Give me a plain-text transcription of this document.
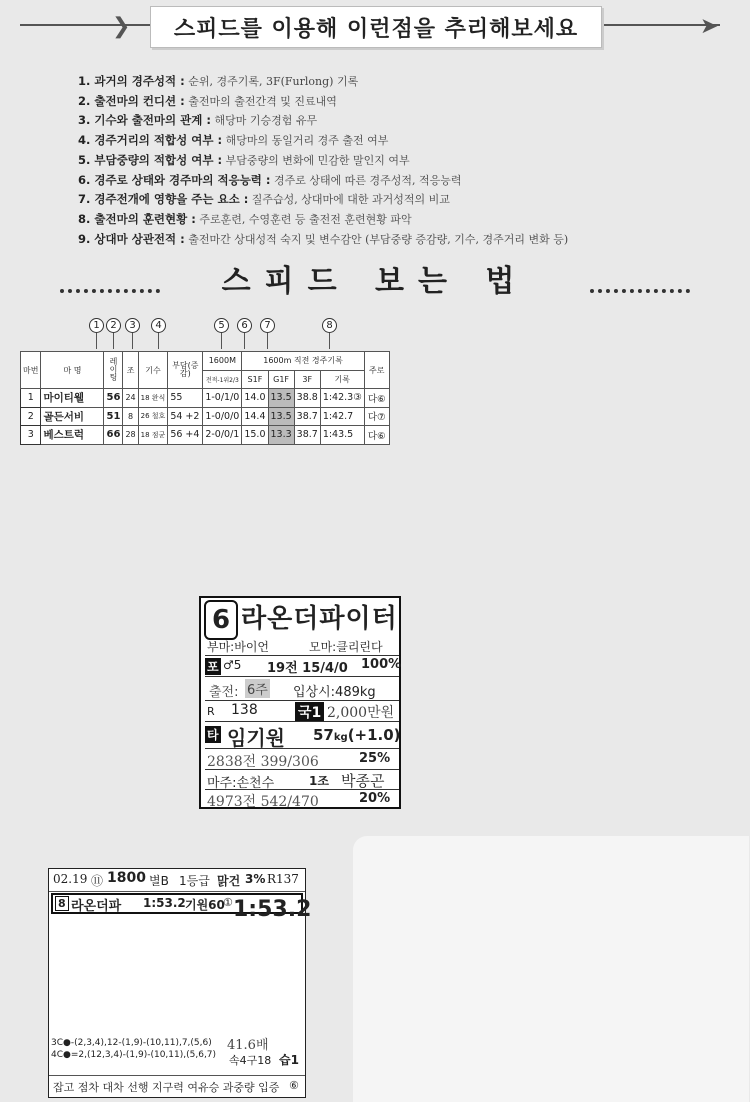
❯	➤
스피드를 이용해 이런점을 추리해보세요
1. 과거의 경주성적 : 순위, 경주기록, 3F(Furlong) 기록
2. 출전마의 컨디션 : 출전마의 출전간격 및 진료내역
3. 기수와 출전마의 관계 : 해당마 기승경험 유무
4. 경주거리의 적합성 여부 : 해당마의 동일거리 경주 출전 여부
5. 부담중량의 적합성 여부 : 부담중량의 변화에 민감한 말인지 여부
6. 경주로 상태와 경주마의 적응능력 : 경주로 상태에 따른 경주성적, 적응능력
7. 경주전개에 영향을 주는 요소 : 질주습성, 상대마에 대한 과거성적의 비교
8. 출전마의 훈련현황 : 주로훈련, 수영훈련 등 출전전 훈련현황 파악
9. 상대마 상관전적 : 출전마간 상대성적 숙지 및 변수감안 (부담중량 증감량, 기수, 경주거리 변화 등)
스피드 보는 법
1	2	3	4	5	6	7	8
마번	마 명	레이팅	조	기수	부담(증감)	1600M	1600m 직전 경주기록				주로
						전적-1위2/3	S1F	G1F	3F	기록	
1	마이티웰	56	24	18 완식	55	1-0/1/0	14.0	13.5	38.8	1:42.3③	다⑥
2	골든서비	51	8	26 철호	54 +2	1-0/0/0	14.4	13.5	38.7	1:42.7	다⑦
3	베스트럭	66	28	18 점균	56 +4	2-0/0/1	15.0	13.3	38.7	1:43.5	다⑥
6 라온더파이터
부마:바이언	모마:클리린다
포 ♂5 19전 15/4/0 100%
출전: 6주 입상시:489kg
R 138	국1 2,000만원
타 임기원 57kg(+1.0)
2838전 399/306	25%
마주:손천수	1조 박종곤
4973전 542/470	20%
02.19 ⑪ 1800 별B 1등급 맑건 3% R137
8 라온더파 1:53.2 기원60
① 1:53.2
41.6배
3C●-(2,3,4),12-(1,9)-(10,11),7,(5,6)
4C●=2,(12,3,4)-(1,9)-(10,11),(5,6,7)	속4구18 습1
잡고 점차 대차 선행 지구력 여유승 과중량 입증 ⑥
